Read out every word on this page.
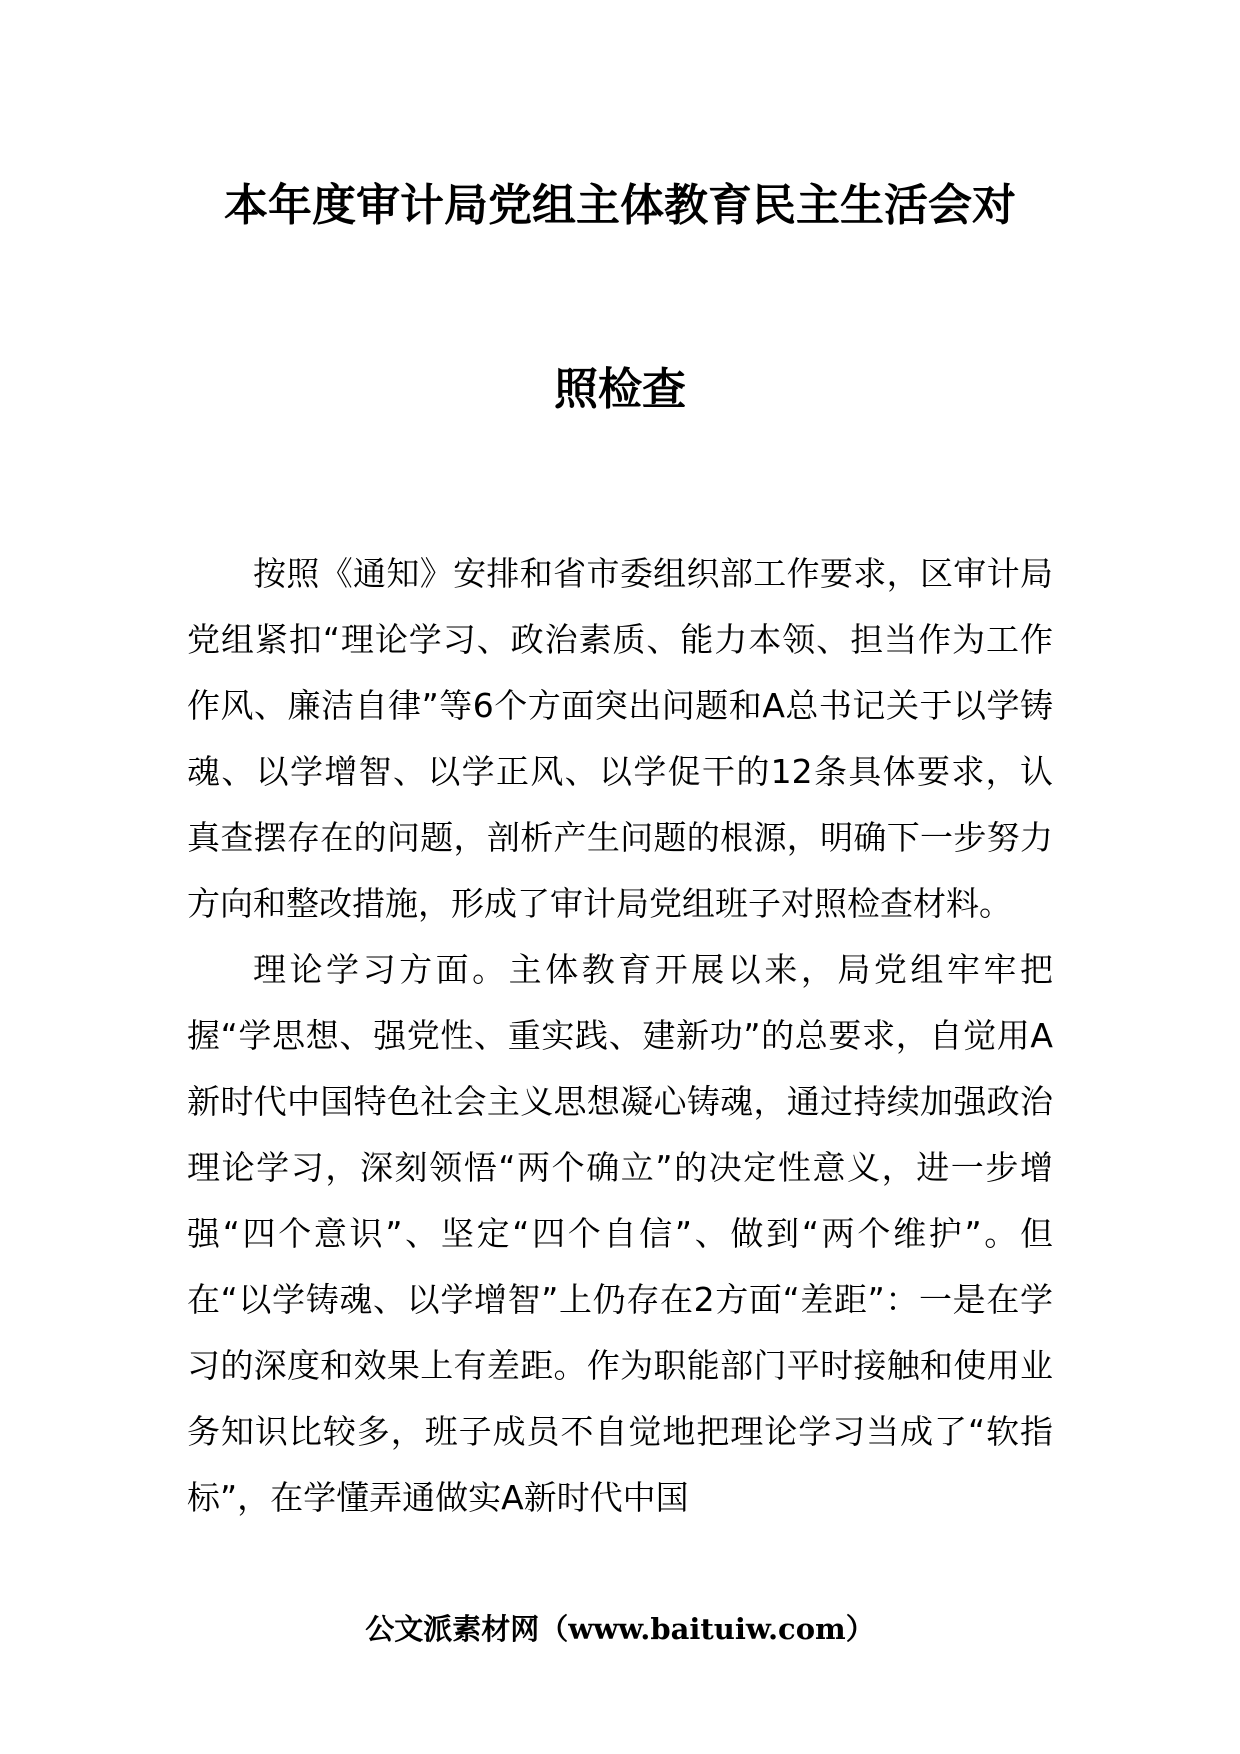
本年度审计局党组主体教育民主生活会对
照检查

按照《通知》安排和省市委组织部工作要求，区审计局党组紧扣“理论学习、政治素质、能力本领、担当作为工作作风、廉洁自律”等6个方面突出问题和A总书记关于以学铸魂、以学增智、以学正风、以学促干的12条具体要求，认真查摆存在的问题，剖析产生问题的根源，明确下一步努力方向和整改措施，形成了审计局党组班子对照检查材料。

理论学习方面。主体教育开展以来，局党组牢牢把握“学思想、强党性、重实践、建新功”的总要求，自觉用A新时代中国特色社会主义思想凝心铸魂，通过持续加强政治理论学习，深刻领悟“两个确立”的决定性意义，进一步增强“四个意识”、坚定“四个自信”、做到“两个维护”。但在“以学铸魂、以学增智”上仍存在2方面“差距”：一是在学习的深度和效果上有差距。作为职能部门平时接触和使用业务知识比较多，班子成员不自觉地把理论学习当成了“软指标”，在学懂弄通做实A新时代中国

公文派素材网（www.baituiw.com）
